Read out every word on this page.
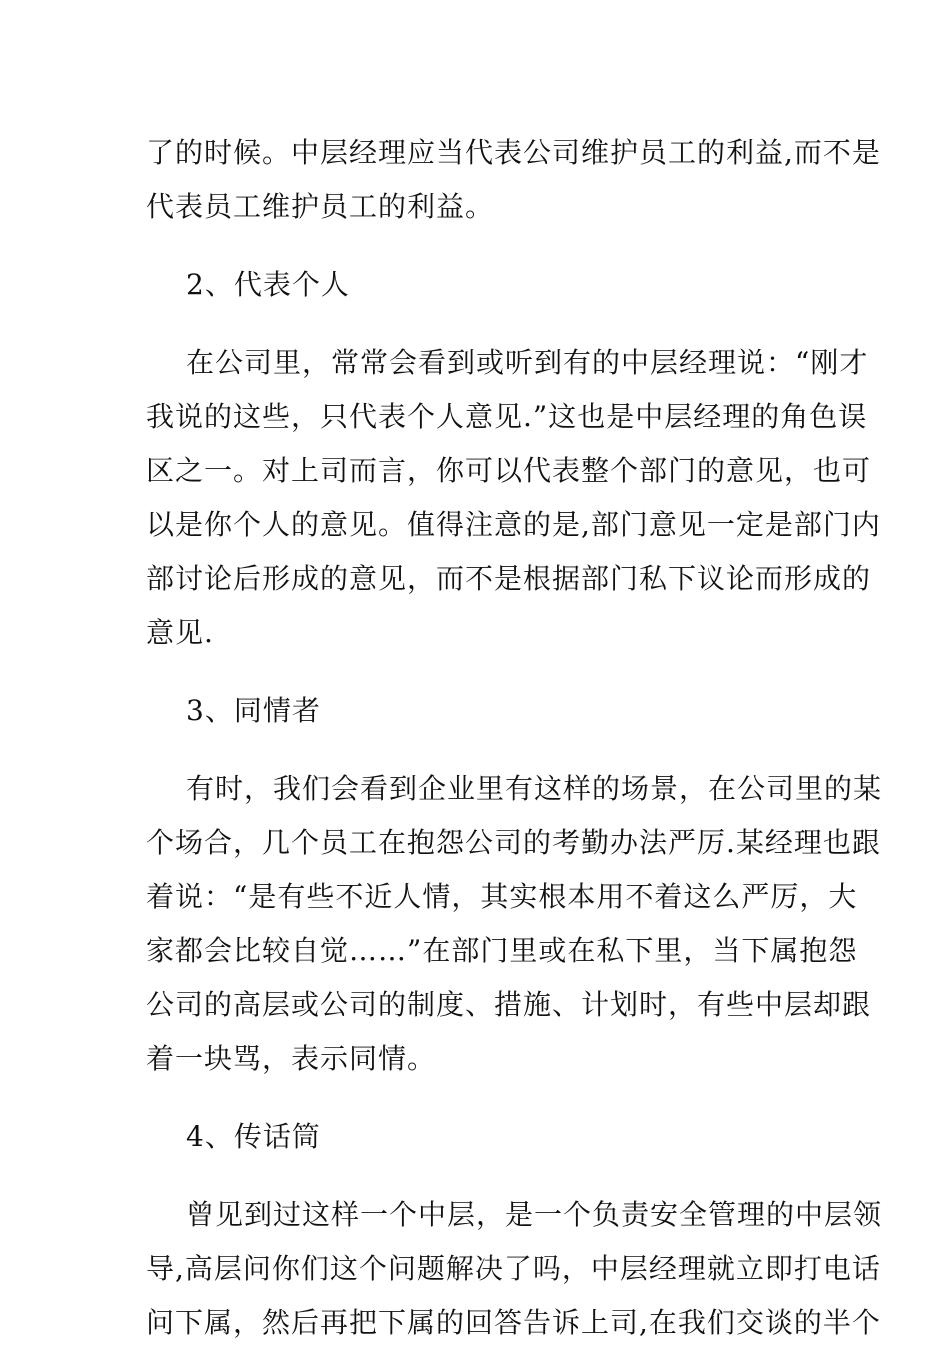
了的时候。中层经理应当代表公司维护员工的利益,而不是
代表员工维护员工的利益。
2、代表个人
在公司里，常常会看到或听到有的中层经理说：“刚才
我说的这些，只代表个人意见.”这也是中层经理的角色误
区之一。对上司而言，你可以代表整个部门的意见，也可
以是你个人的意见。值得注意的是,部门意见一定是部门内
部讨论后形成的意见，而不是根据部门私下议论而形成的
意见.
3、同情者
有时，我们会看到企业里有这样的场景，在公司里的某
个场合，几个员工在抱怨公司的考勤办法严厉.某经理也跟
着说：“是有些不近人情，其实根本用不着这么严厉，大
家都会比较自觉……”在部门里或在私下里，当下属抱怨
公司的高层或公司的制度、措施、计划时，有些中层却跟
着一块骂，表示同情。
4、传话筒
曾见到过这样一个中层，是一个负责安全管理的中层领
导,高层问你们这个问题解决了吗，中层经理就立即打电话
问下属，然后再把下属的回答告诉上司,在我们交谈的半个
